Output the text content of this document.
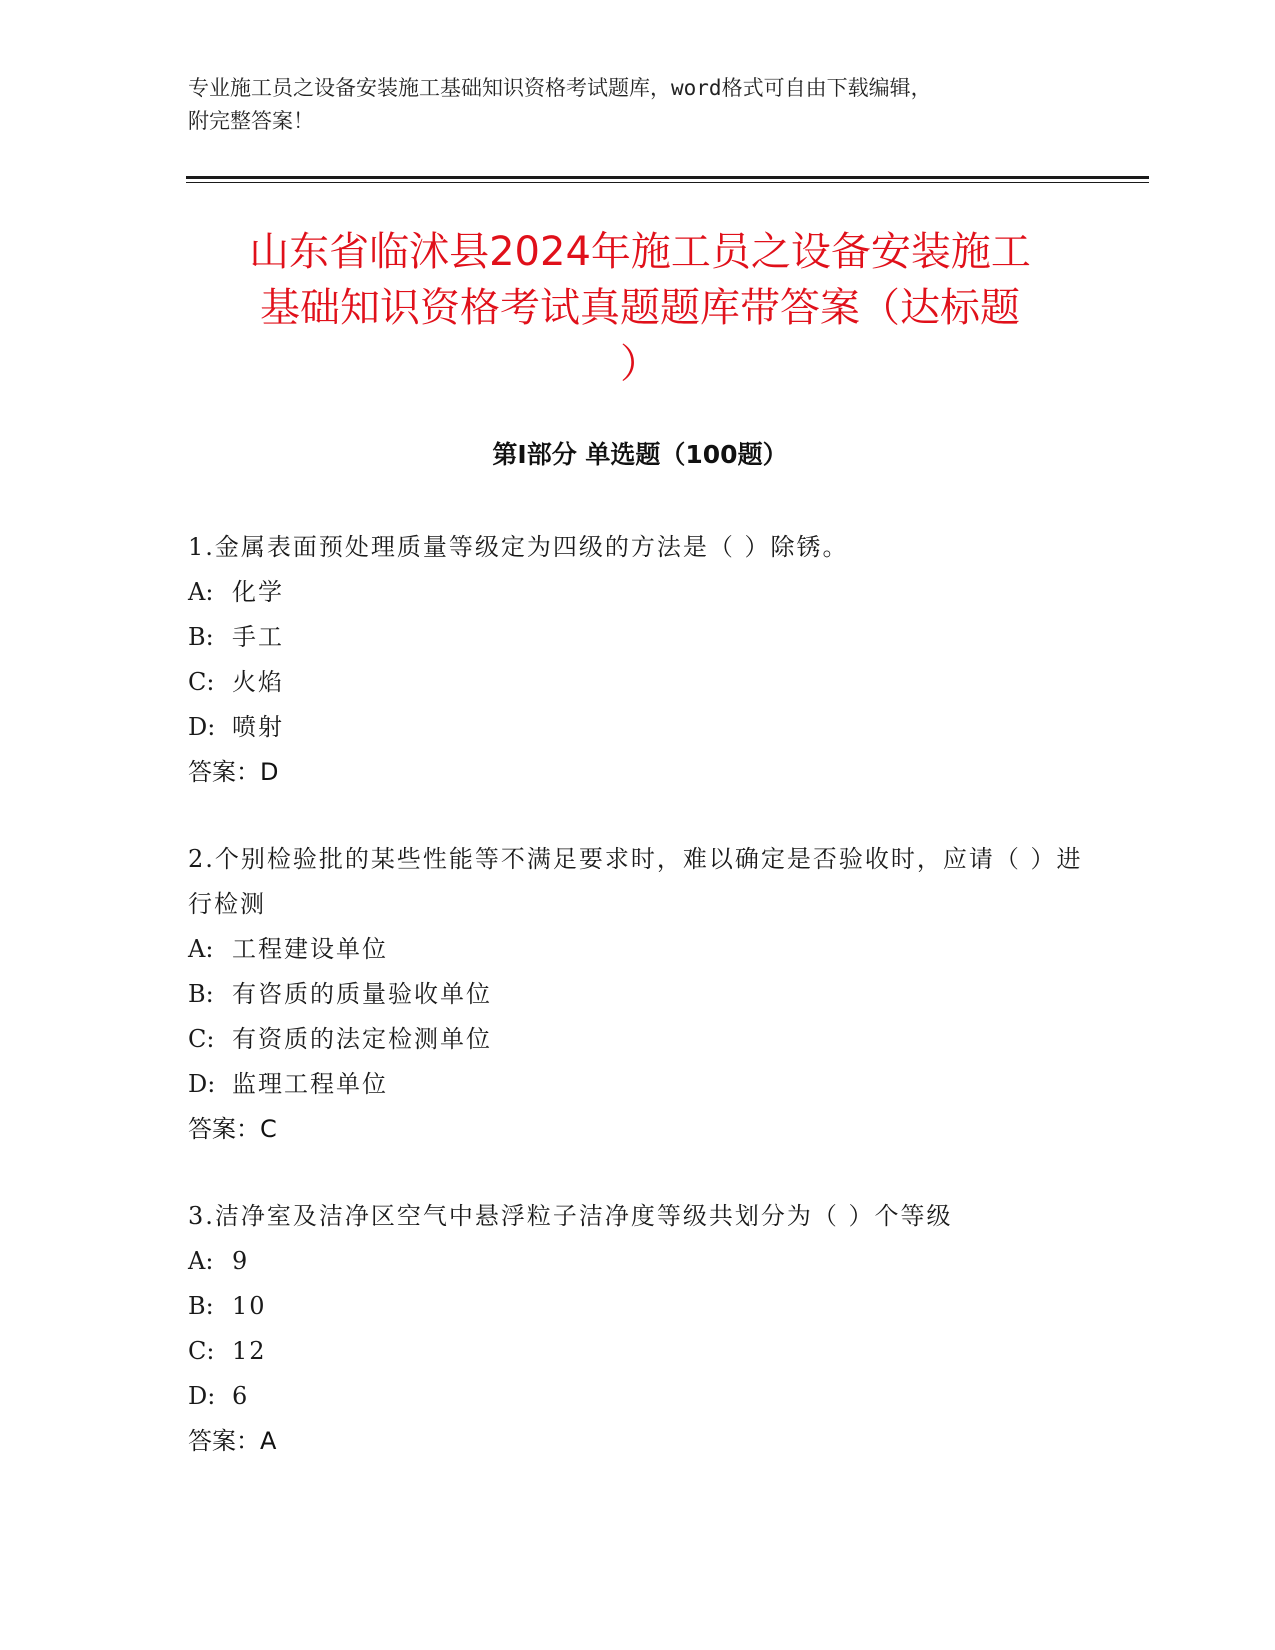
专业施工员之设备安装施工基础知识资格考试题库，word格式可自由下载编辑，
附完整答案！
山东省临沭县2024年施工员之设备安装施工
基础知识资格考试真题题库带答案（达标题
）
第Ⅰ部分 单选题（100题）
1.金属表面预处理质量等级定为四级的方法是（ ）除锈。
A: 化学
B: 手工
C: 火焰
D: 喷射
答案：D
2.个别检验批的某些性能等不满足要求时，难以确定是否验收时，应请（ ）进行检测
A: 工程建设单位
B: 有咨质的质量验收单位
C: 有资质的法定检测单位
D: 监理工程单位
答案：C
3.洁净室及洁净区空气中悬浮粒子洁净度等级共划分为（ ）个等级
A: 9
B: 10
C: 12
D: 6
答案：A
